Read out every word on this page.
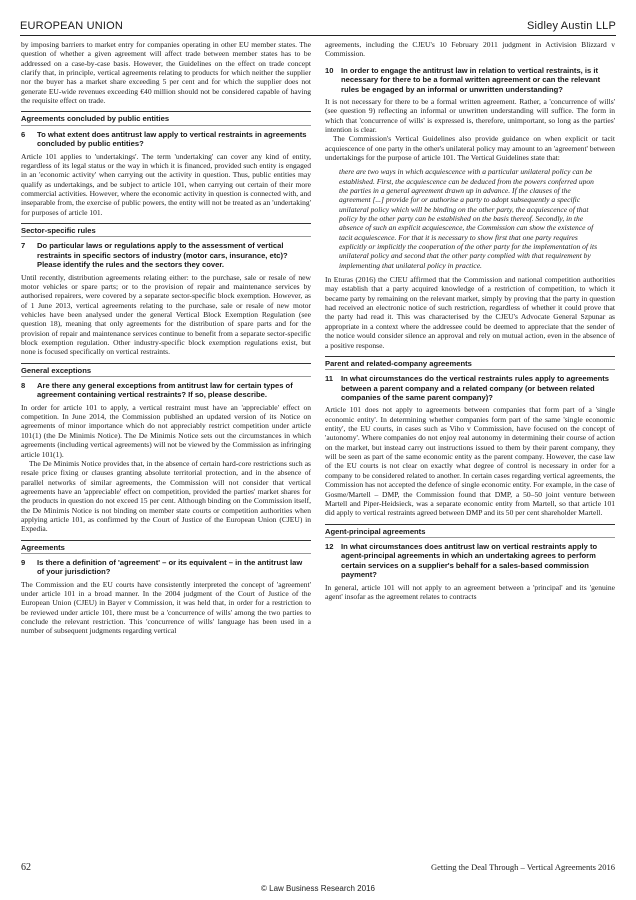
EUROPEAN UNION	Sidley Austin LLP

by imposing barriers to market entry for companies operating in other EU member states. The question of whether a given agreement will affect trade between member states has to be addressed on a case-by-case basis. However, the Guidelines on the effect on trade concept clarify that, in principle, vertical agreements relating to products for which neither the supplier nor the buyer has a market share exceeding 5 per cent and for which the supplier does not generate EU-wide revenues exceeding €40 million should not be considered capable of having the requisite effect on trade.

Agreements concluded by public entities
6	To what extent does antitrust law apply to vertical restraints in agreements concluded by public entities?

Article 101 applies to 'undertakings'. The term 'undertaking' can cover any kind of entity, regardless of its legal status or the way in which it is financed, provided such entity is engaged in an 'economic activity' when carrying out the activity in question. Thus, public entities may qualify as undertakings, and be subject to article 101, when carrying out certain of their more commercial activities. However, where the economic activity in question is connected with, and inseparable from, the exercise of public powers, the entity will not be treated as an 'undertaking' for purposes of article 101.

Sector-specific rules
7	Do particular laws or regulations apply to the assessment of vertical restraints in specific sectors of industry (motor cars, insurance, etc)? Please identify the rules and the sectors they cover.

Until recently, distribution agreements relating either: to the purchase, sale or resale of new motor vehicles or spare parts; or to the provision of repair and maintenance services by authorised repairers, were covered by a separate sector-specific block exemption. However, as of 1 June 2013, vertical agreements relating to the purchase, sale or resale of new motor vehicles have been analysed under the general Vertical Block Exemption Regulation (see question 18), meaning that only agreements for the distribution of spare parts and for the provision of repair and maintenance services continue to benefit from a separate sector-specific block exemption regulation. Other industry-specific block exemption regulations exist, but none is focused specifically on vertical restraints.

General exceptions
8	Are there any general exceptions from antitrust law for certain types of agreement containing vertical restraints? If so, please describe.

In order for article 101 to apply, a vertical restraint must have an 'appreciable' effect on competition. In June 2014, the Commission published an updated version of its Notice on agreements of minor importance which do not appreciably restrict competition under article 101(1) (the De Minimis Notice). The De Minimis Notice sets out the circumstances in which agreements (including vertical agreements) will not be viewed by the Commission as infringing article 101(1).

The De Minimis Notice provides that, in the absence of certain hard-core restrictions such as resale price fixing or clauses granting absolute territorial protection, and in the absence of parallel networks of similar agreements, the Commission will not consider that vertical agreements have an 'appreciable' effect on competition, provided the parties' market shares for the products in question do not exceed 15 per cent. Although binding on the Commission itself, the De Minimis Notice is not binding on member state courts or competition authorities when applying article 101, as confirmed by the Court of Justice of the European Union (CJEU) in Expedia.

Agreements
9	Is there a definition of 'agreement' – or its equivalent – in the antitrust law of your jurisdiction?

The Commission and the EU courts have consistently interpreted the concept of 'agreement' under article 101 in a broad manner. In the 2004 judgment of the Court of Justice of the European Union (CJEU) in Bayer v Commission, it was held that, in order for a restriction to be reviewed under article 101, there must be a 'concurrence of wills' among the two parties to conclude the relevant restriction. This 'concurrence of wills' language has been used in a number of subsequent judgments regarding vertical

agreements, including the CJEU's 10 February 2011 judgment in Activision Blizzard v Commission.

10 In order to engage the antitrust law in relation to vertical restraints, is it necessary for there to be a formal written agreement or can the relevant rules be engaged by an informal or unwritten understanding?

It is not necessary for there to be a formal written agreement. Rather, a 'concurrence of wills' (see question 9) reflecting an informal or unwritten understanding will suffice. The form in which that 'concurrence of wills' is expressed is, therefore, unimportant, so long as the parties' intention is clear.

The Commission's Vertical Guidelines also provide guidance on when explicit or tacit acquiescence of one party in the other's unilateral policy may amount to an 'agreement' between undertakings for the purpose of article 101. The Vertical Guidelines state that:

there are two ways in which acquiescence with a particular unilateral policy can be established. First, the acquiescence can be deduced from the powers conferred upon the parties in a general agreement drawn up in advance. If the clauses of the agreement [...] provide for or authorise a party to adopt subsequently a specific unilateral policy which will be binding on the other party, the acquiescence of that policy by the other party can be established on the basis thereof. Secondly, in the absence of such an explicit acquiescence, the Commission can show the existence of tacit acquiescence. For that it is necessary to show first that one party requires explicitly or implicitly the cooperation of the other party for the implementation of its unilateral policy and second that the other party complied with that requirement by implementing that unilateral policy in practice.

In Eturas (2016) the CJEU affirmed that the Commission and national competition authorities may establish that a party acquired knowledge of a restriction of competition, to which it became party by remaining on the relevant market, simply by proving that the party in question had received an electronic notice of such restriction, regardless of whether it could prove that the party had read it. This was characterised by the CJEU's Advocate General Szpunar as appropriate in a context where the addressee could be deemed to appreciate that the sender of the notice would consider silence an approval and rely on mutual action, even in the absence of a positive response.

Parent and related-company agreements
11	In what circumstances do the vertical restraints rules apply to agreements between a parent company and a related company (or between related companies of the same parent company)?

Article 101 does not apply to agreements between companies that form part of a 'single economic entity'. In determining whether companies form part of the same 'single economic entity', the EU courts, in cases such as Viho v Commission, have focused on the concept of 'autonomy'. Where companies do not enjoy real autonomy in determining their course of action on the market, but instead carry out instructions issued to them by their parent company, they will be seen as part of the same economic entity as the parent company. However, the case law of the EU courts is not clear on exactly what degree of control is necessary in order for a company to be considered related to another. In certain cases regarding vertical agreements, the Commission has not accepted the defence of single economic entity. For example, in the case of Gosme/Martell – DMP, the Commission found that DMP, a 50–50 joint venture between Martell and Piper-Heidsieck, was a separate economic entity from Martell, so that article 101 did apply to vertical restraints agreed between DMP and its 50 per cent shareholder Martell.

Agent-principal agreements
12 In what circumstances does antitrust law on vertical restraints apply to agent-principal agreements in which an undertaking agrees to perform certain services on a supplier's behalf for a sales-based commission payment?

In general, article 101 will not apply to an agreement between a 'principal' and its 'genuine agent' insofar as the agreement relates to contracts

62	Getting the Deal Through – Vertical Agreements 2016
© Law Business Research 2016
